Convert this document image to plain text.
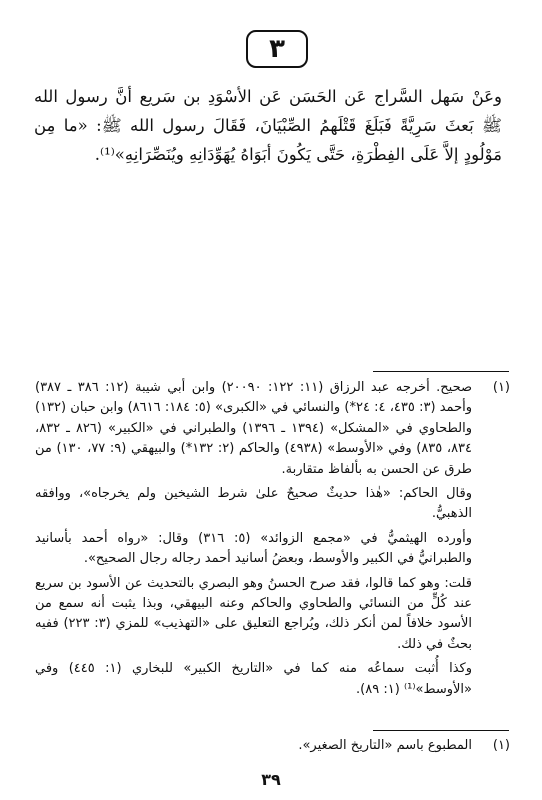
٣
وعَنْ سَهل السَّراج عَن الحَسَن عَن الأسْوَدِ بن سَريع أنَّ رسول الله ﷺ بَعثَ سَرِيَّةً فَبَلَغَ قَتْلَهمُ الصِّبْيَانَ، فَقَالَ رسول الله ﷺ: «ما مِن مَوْلُودٍ إلاَّ عَلَى الفِطْرَةِ، حَتَّى يَكُونَ أبَوَاهُ يُهَوِّدَانِهِ ويُنَصِّرَانِهِ»⁽¹⁾.
(١)

صحيح. أخرجه عبد الرزاق (١١: ١٢٢: ٢٠٠٩٠) وابن أبي شيبة (١٢: ٣٨٦ ـ ٣٨٧) وأحمد (٣: ٤٣٥، ٤: ٢٤*) والنسائي في «الكبرى» (٥: ١٨٤: ٨٦١٦) وابن حبان (١٣٢) والطحاوي في «المشكل» (١٣٩٤ ـ ١٣٩٦) والطبراني في «الكبير» (٨٢٦ ـ ٨٣٢، ٨٣٤، ٨٣٥) وفي «الأوسط» (٤٩٣٨) والحاكم (٢: ١٣٢*) والبيهقي (٩: ٧٧، ١٣٠) من طرق عن الحسن به بألفاظ متقاربة.

وقال الحاكم: «هٰذا حديثٌ صحيحٌ علىٰ شرط الشيخين ولم يخرجاه»، ووافقه الذهبيُّ.

وأورده الهيثميُّ في «مجمع الزوائد» (٥: ٣١٦) وقال: «رواه أحمد بأسانيد والطبرانيُّ في الكبير والأوسط، وبعضُ أسانيد أحمد رجاله رجال الصحيح».

قلت: وهو كما قالوا، فقد صرح الحسنُ وهو البصري بالتحديث عن الأسود بن سريع عند كُلٍّ من النسائي والطحاوي والحاكم وعنه البيهقي، وبذا يثبت أنه سمع من الأسود خلافاً لمن أنكر ذلك، ويُراجع التعليق على «التهذيب» للمزي (٣: ٢٢٣) ففيه بحثٌ في ذلك.

وكذا أُثبت سماعُه منه كما في «التاريخ الكبير» للبخاري (١: ٤٤٥) وفي «الأوسط»⁽¹⁾ (١: ٨٩).

(١)

المطبوع باسم «التاريخ الصغير».

٣٩
